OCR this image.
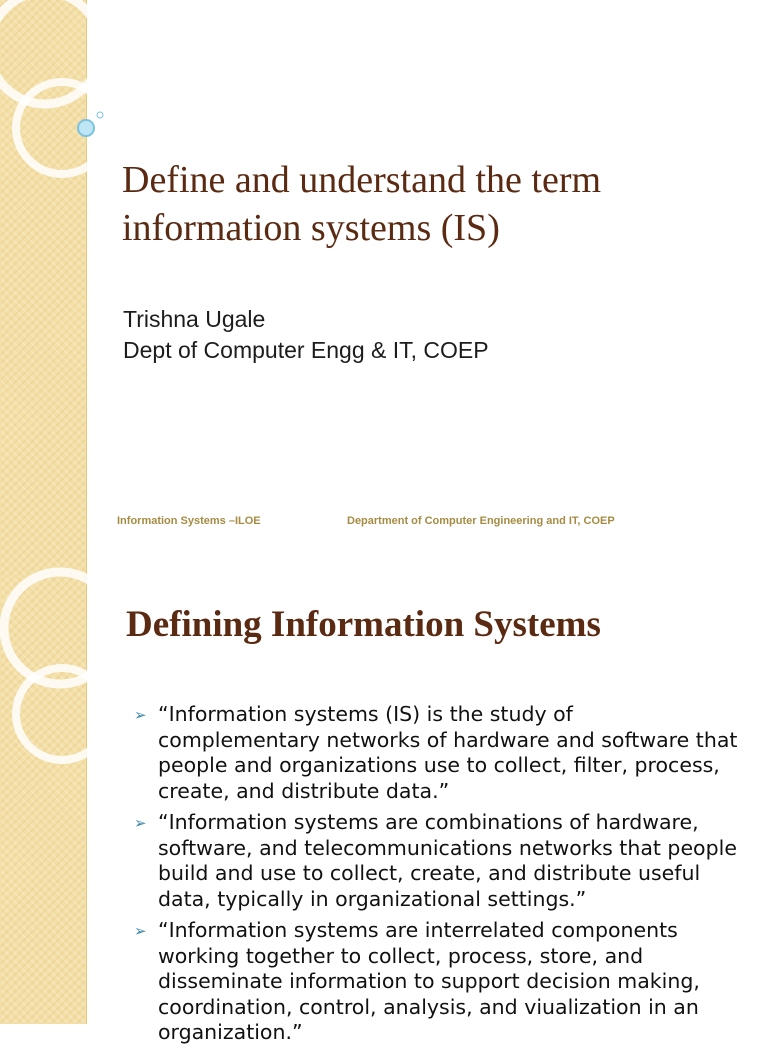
Define and understand the term information systems (IS)
Trishna Ugale
Dept of Computer Engg & IT, COEP
Information Systems –ILOE	Department of Computer Engineering and IT, COEP
Defining Information Systems
➢ “Information systems (IS) is the study of complementary networks of hardware and software that people and organizations use to collect, filter, process, create, and distribute data.”
➢ “Information systems are combinations of hardware, software, and telecommunications networks that people build and use to collect, create, and distribute useful data, typically in organizational settings.”
➢ “Information systems are interrelated components working together to collect, process, store, and disseminate information to support decision making, coordination, control, analysis, and viualization in an organization.”
